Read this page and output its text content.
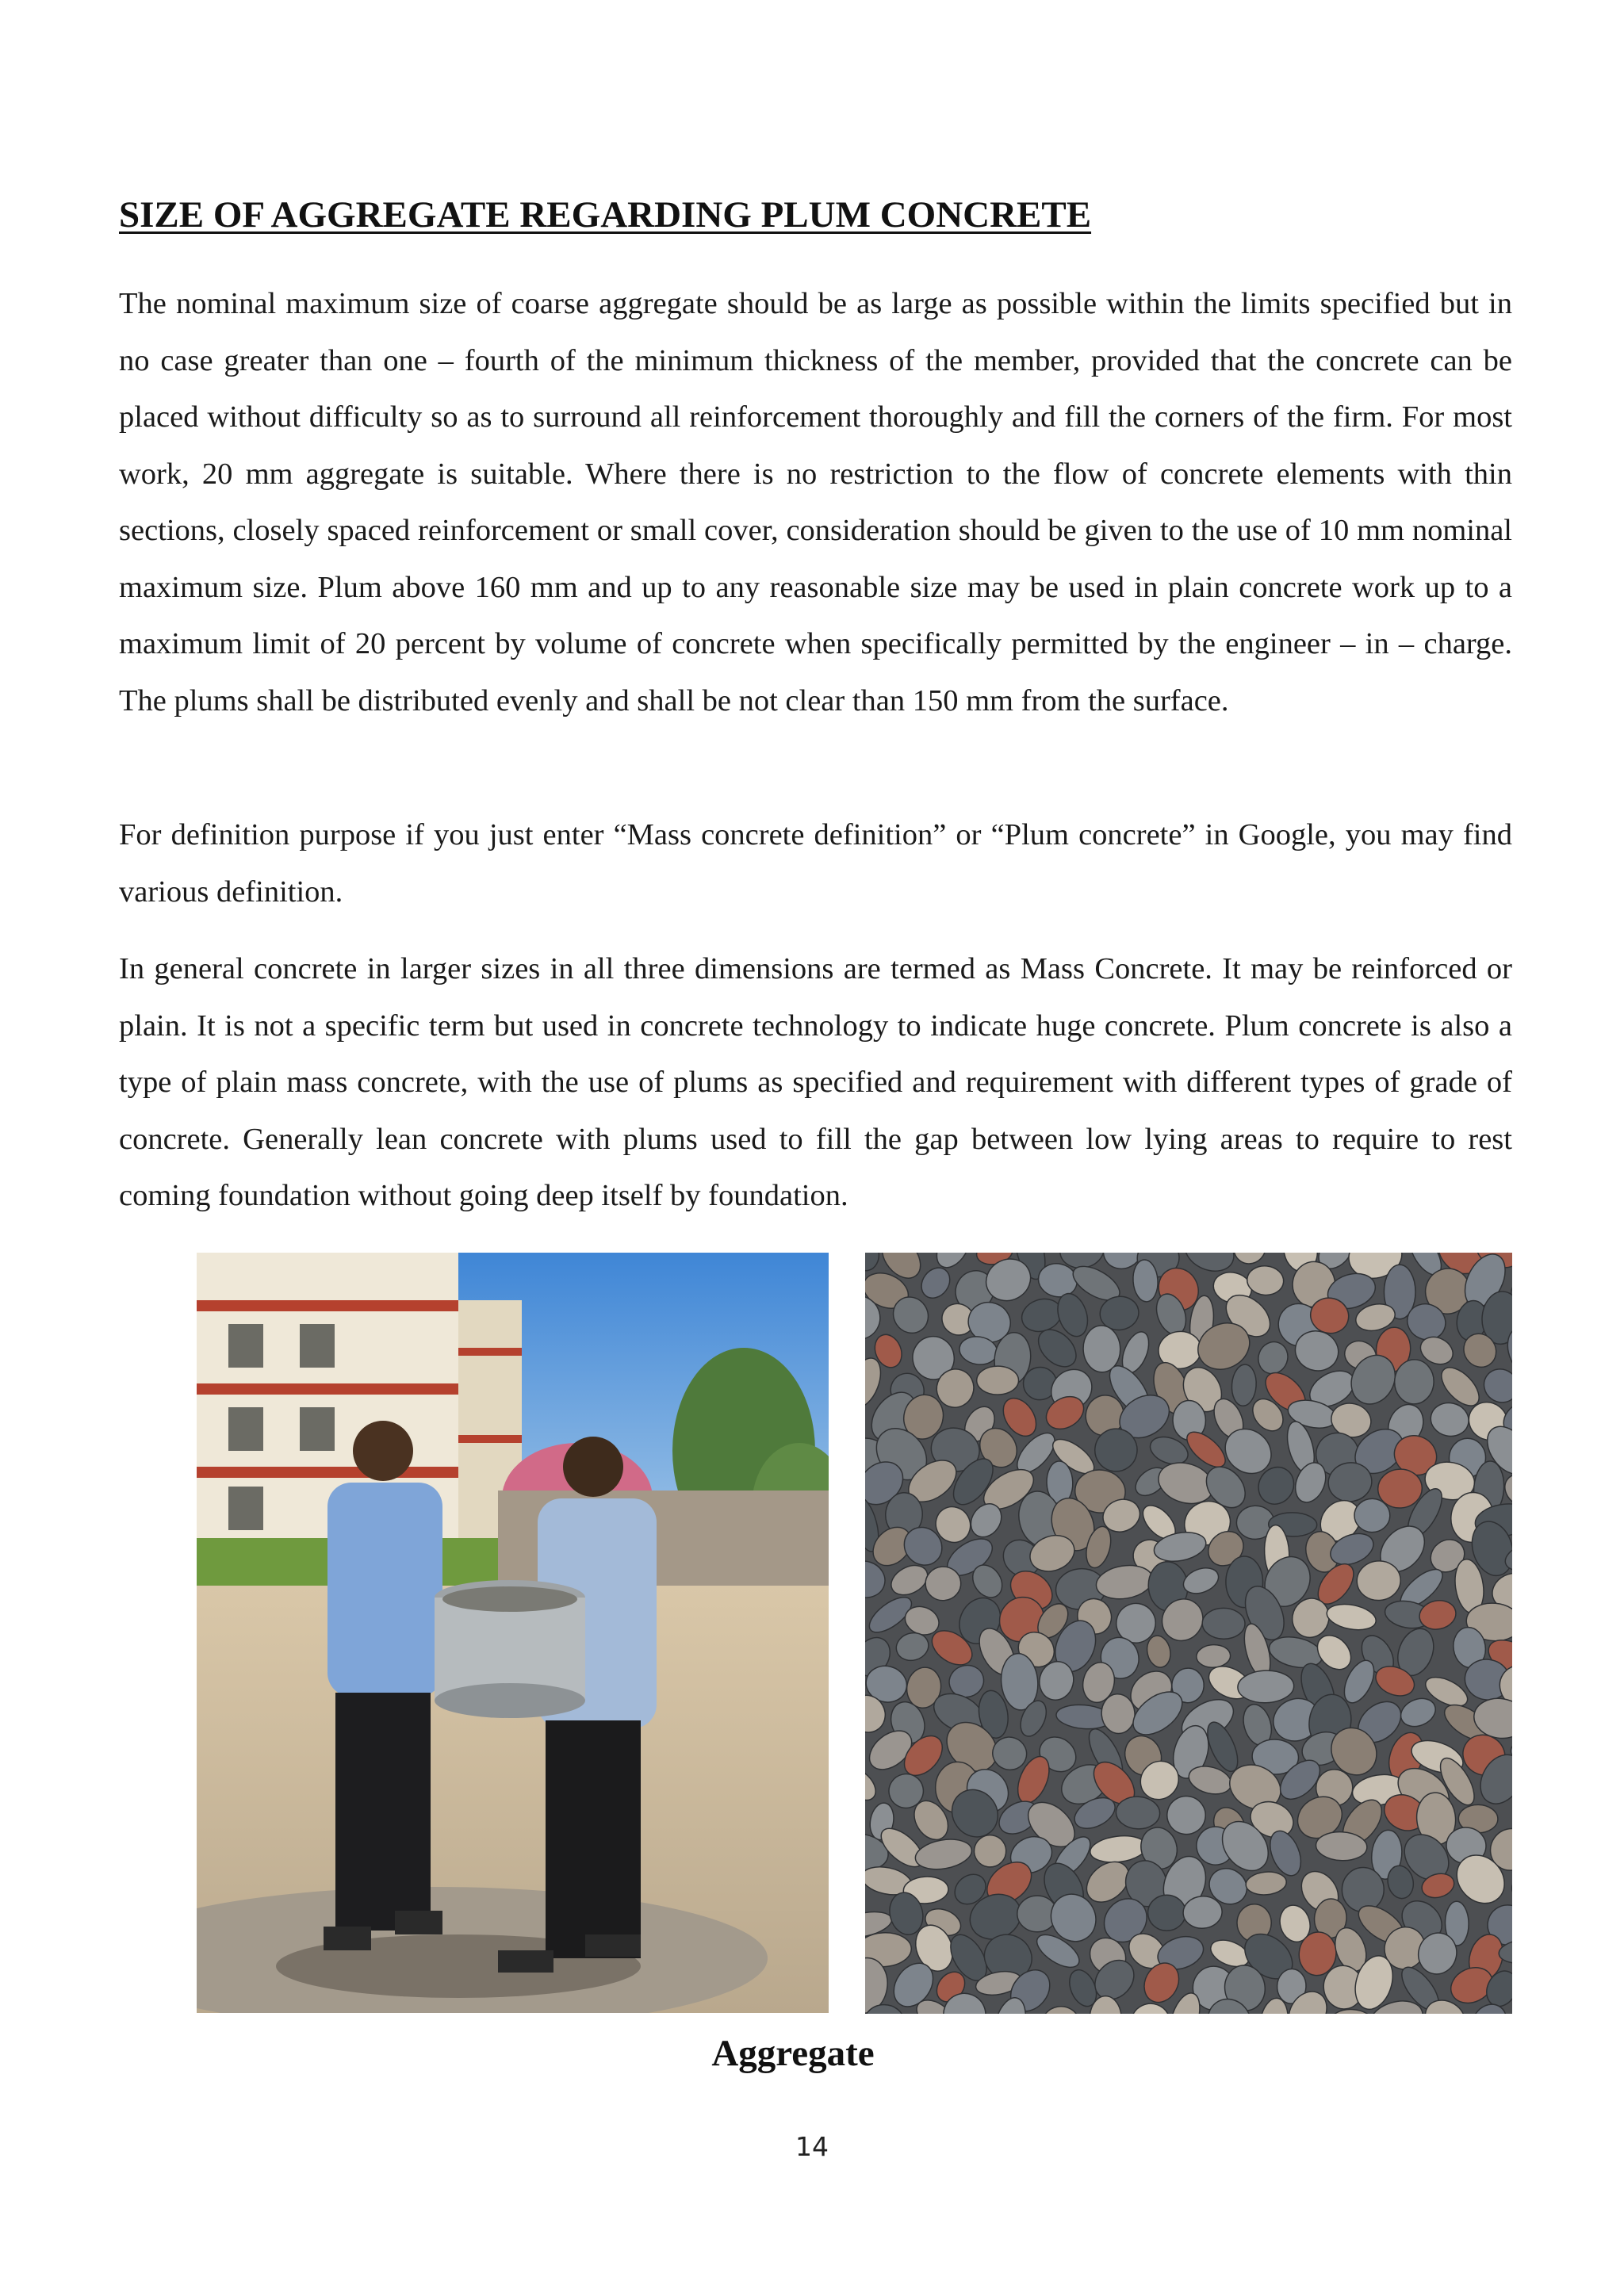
SIZE OF AGGREGATE REGARDING PLUM CONCRETE

The nominal maximum size of coarse aggregate should be as large as possible within the limits specified but in no case greater than one – fourth of the minimum thickness of the member, provided that the concrete can be placed without difficulty so as to surround all reinforcement thoroughly and fill the corners of the firm. For most work, 20 mm aggregate is suitable. Where there is no restriction to the flow of concrete elements with thin sections, closely spaced reinforcement or small cover, consideration should be given to the use of 10 mm nominal maximum size. Plum above 160 mm and up to any reasonable size may be used in plain concrete work up to a maximum limit of 20 percent by volume of concrete when specifically permitted by the engineer – in – charge. The plums shall be distributed evenly and shall be not clear than 150 mm from the surface.

For definition purpose if you just enter “Mass concrete definition” or “Plum concrete” in Google, you may find various definition.

In general concrete in larger sizes in all three dimensions are termed as Mass Concrete. It may be reinforced or plain. It is not a specific term but used in concrete technology to indicate huge concrete. Plum concrete is also a type of plain mass concrete, with the use of plums as specified and requirement with different types of grade of concrete. Generally lean concrete with plums used to fill the gap between low lying areas to require to rest coming foundation without going deep itself by foundation.

Aggregate
14
